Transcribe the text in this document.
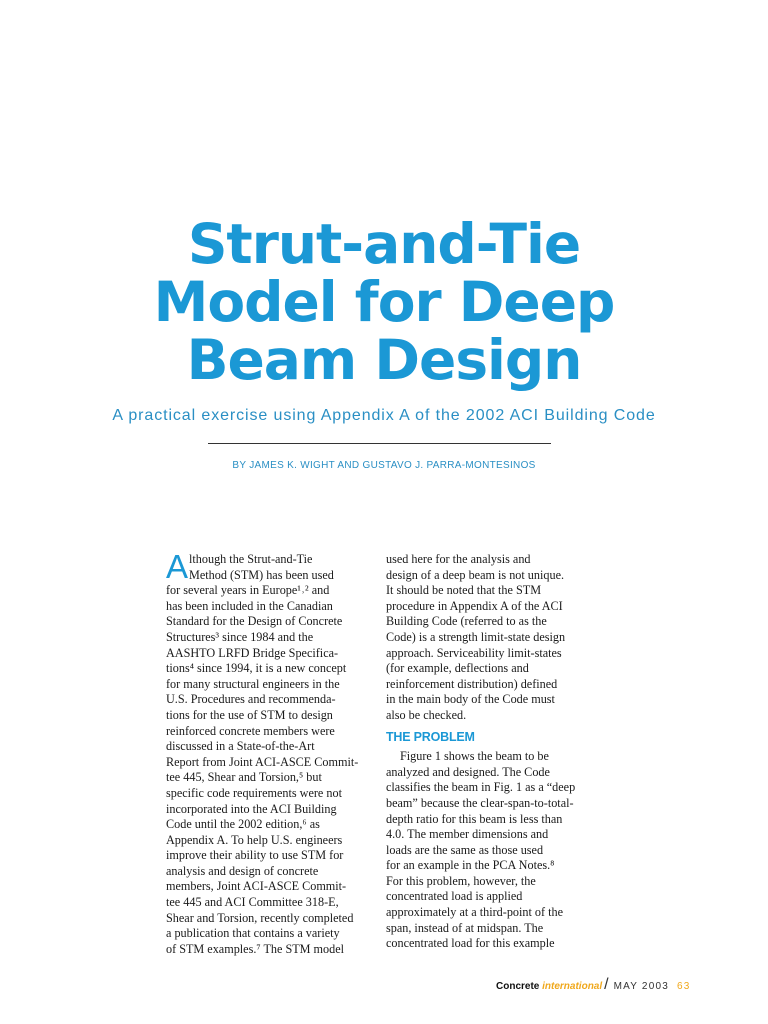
Strut-and-Tie
Model for Deep
Beam Design
A practical exercise using Appendix A of the 2002 ACI Building Code
BY JAMES K. WIGHT AND GUSTAVO J. PARRA-MONTESINOS
A lthough the Strut-and-Tie
Method (STM) has been used
for several years in Europe¹˒² and
has been included in the Canadian
Standard for the Design of Concrete
Structures³ since 1984 and the
AASHTO LRFD Bridge Specifica-
tions⁴ since 1994, it is a new concept
for many structural engineers in the
U.S. Procedures and recommenda-
tions for the use of STM to design
reinforced concrete members were
discussed in a State-of-the-Art
Report from Joint ACI-ASCE Commit-
tee 445, Shear and Torsion,⁵ but
specific code requirements were not
incorporated into the ACI Building
Code until the 2002 edition,⁶ as
Appendix A. To help U.S. engineers
improve their ability to use STM for
analysis and design of concrete
members, Joint ACI-ASCE Commit-
tee 445 and ACI Committee 318-E,
Shear and Torsion, recently completed
a publication that contains a variety
of STM examples.⁷ The STM model
used here for the analysis and
design of a deep beam is not unique.
It should be noted that the STM
procedure in Appendix A of the ACI
Building Code (referred to as the
Code) is a strength limit-state design
approach. Serviceability limit-states
(for example, deflections and
reinforcement distribution) defined
in the main body of the Code must
also be checked.
THE PROBLEM
Figure 1 shows the beam to be
analyzed and designed. The Code
classifies the beam in Fig. 1 as a “deep
beam” because the clear-span-to-total-
depth ratio for this beam is less than
4.0. The member dimensions and
loads are the same as those used
for an example in the PCA Notes.⁸
For this problem, however, the
concentrated load is applied
approximately at a third-point of the
span, instead of at midspan. The
concentrated load for this example
Concrete international / MAY 2003 63
